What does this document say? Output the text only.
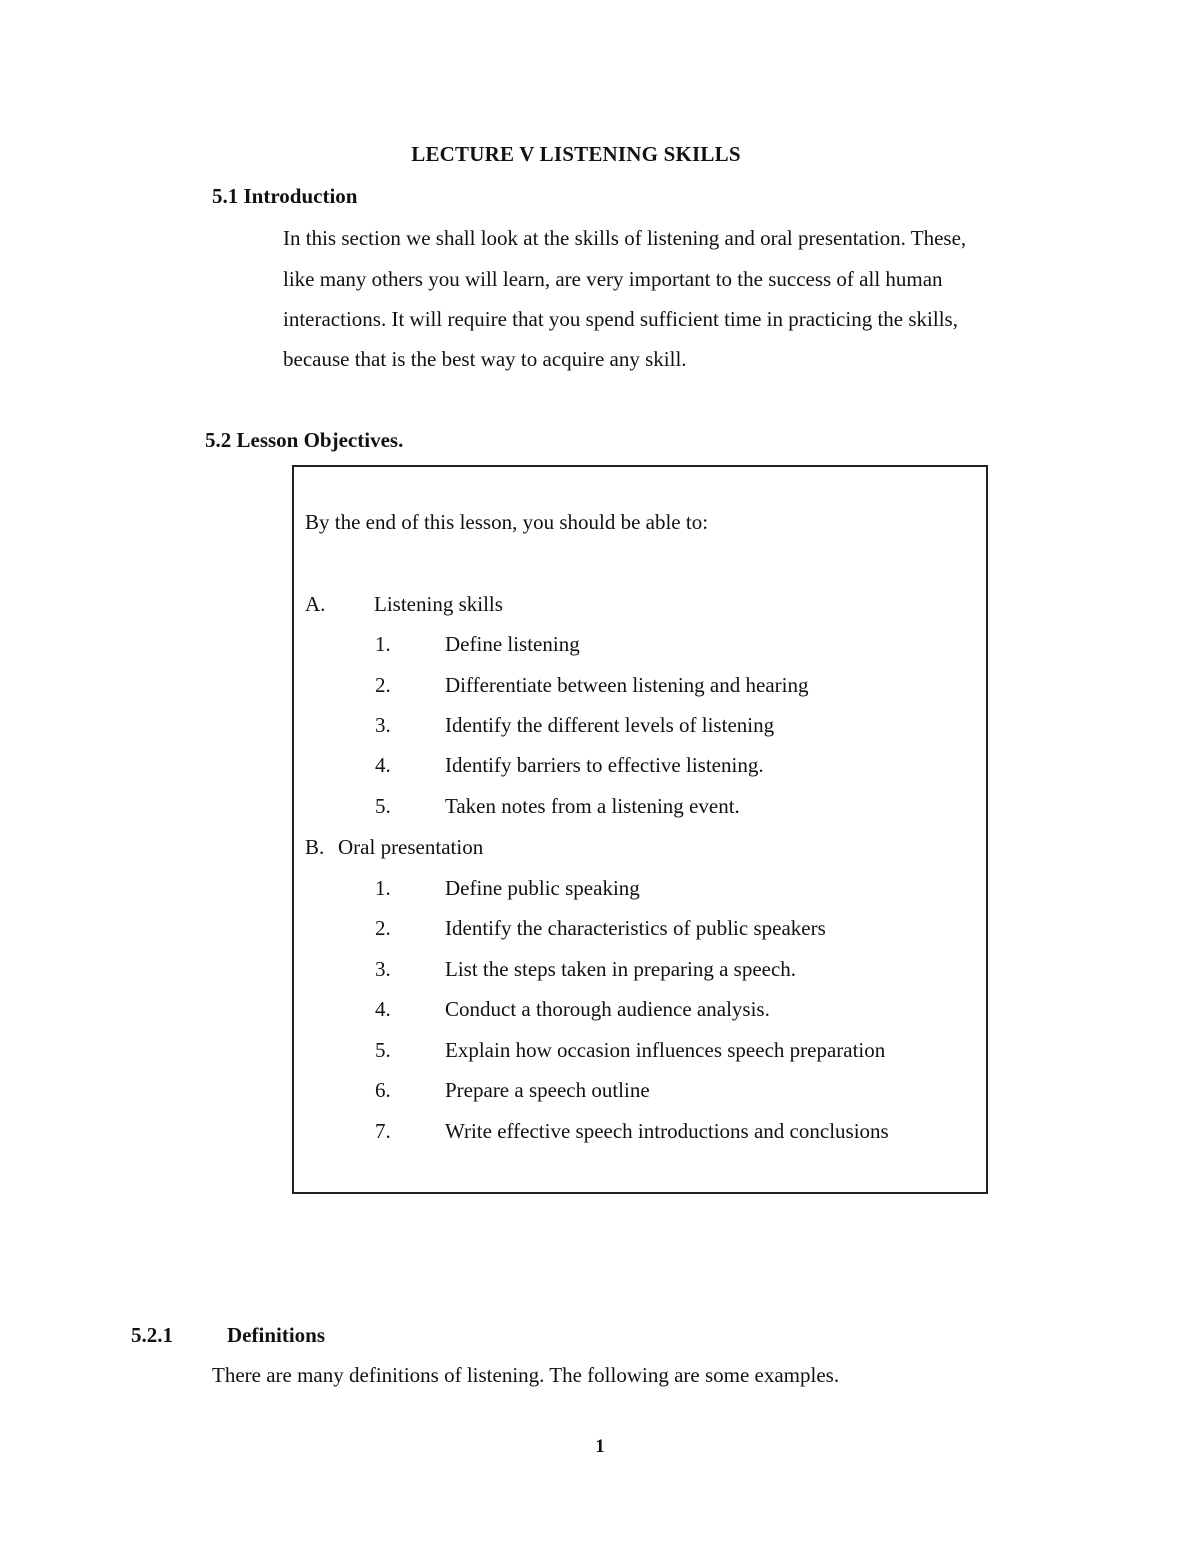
LECTURE V LISTENING SKILLS
5.1 Introduction
In this section we shall look at the skills of listening and oral presentation. These,
like many others you will learn, are very important to the success of all human
interactions. It will require that you spend sufficient time in practicing the skills,
because that is the best way to acquire any skill.
5.2 Lesson Objectives.
By the end of this lesson, you should be able to:
A. Listening skills
1.	Define listening
2.	Differentiate between listening and hearing
3.	Identify the different levels of listening
4.	Identify barriers to effective listening.
5.	Taken notes from a listening event.
B. Oral presentation
1.	Define public speaking
2.	Identify the characteristics of public speakers
3.	List the steps taken in preparing a speech.
4.	Conduct a thorough audience analysis.
5.	Explain how occasion influences speech preparation
6.	Prepare a speech outline
7.	Write effective speech introductions and conclusions
5.2.1	Definitions
There are many definitions of listening. The following are some examples.
1
